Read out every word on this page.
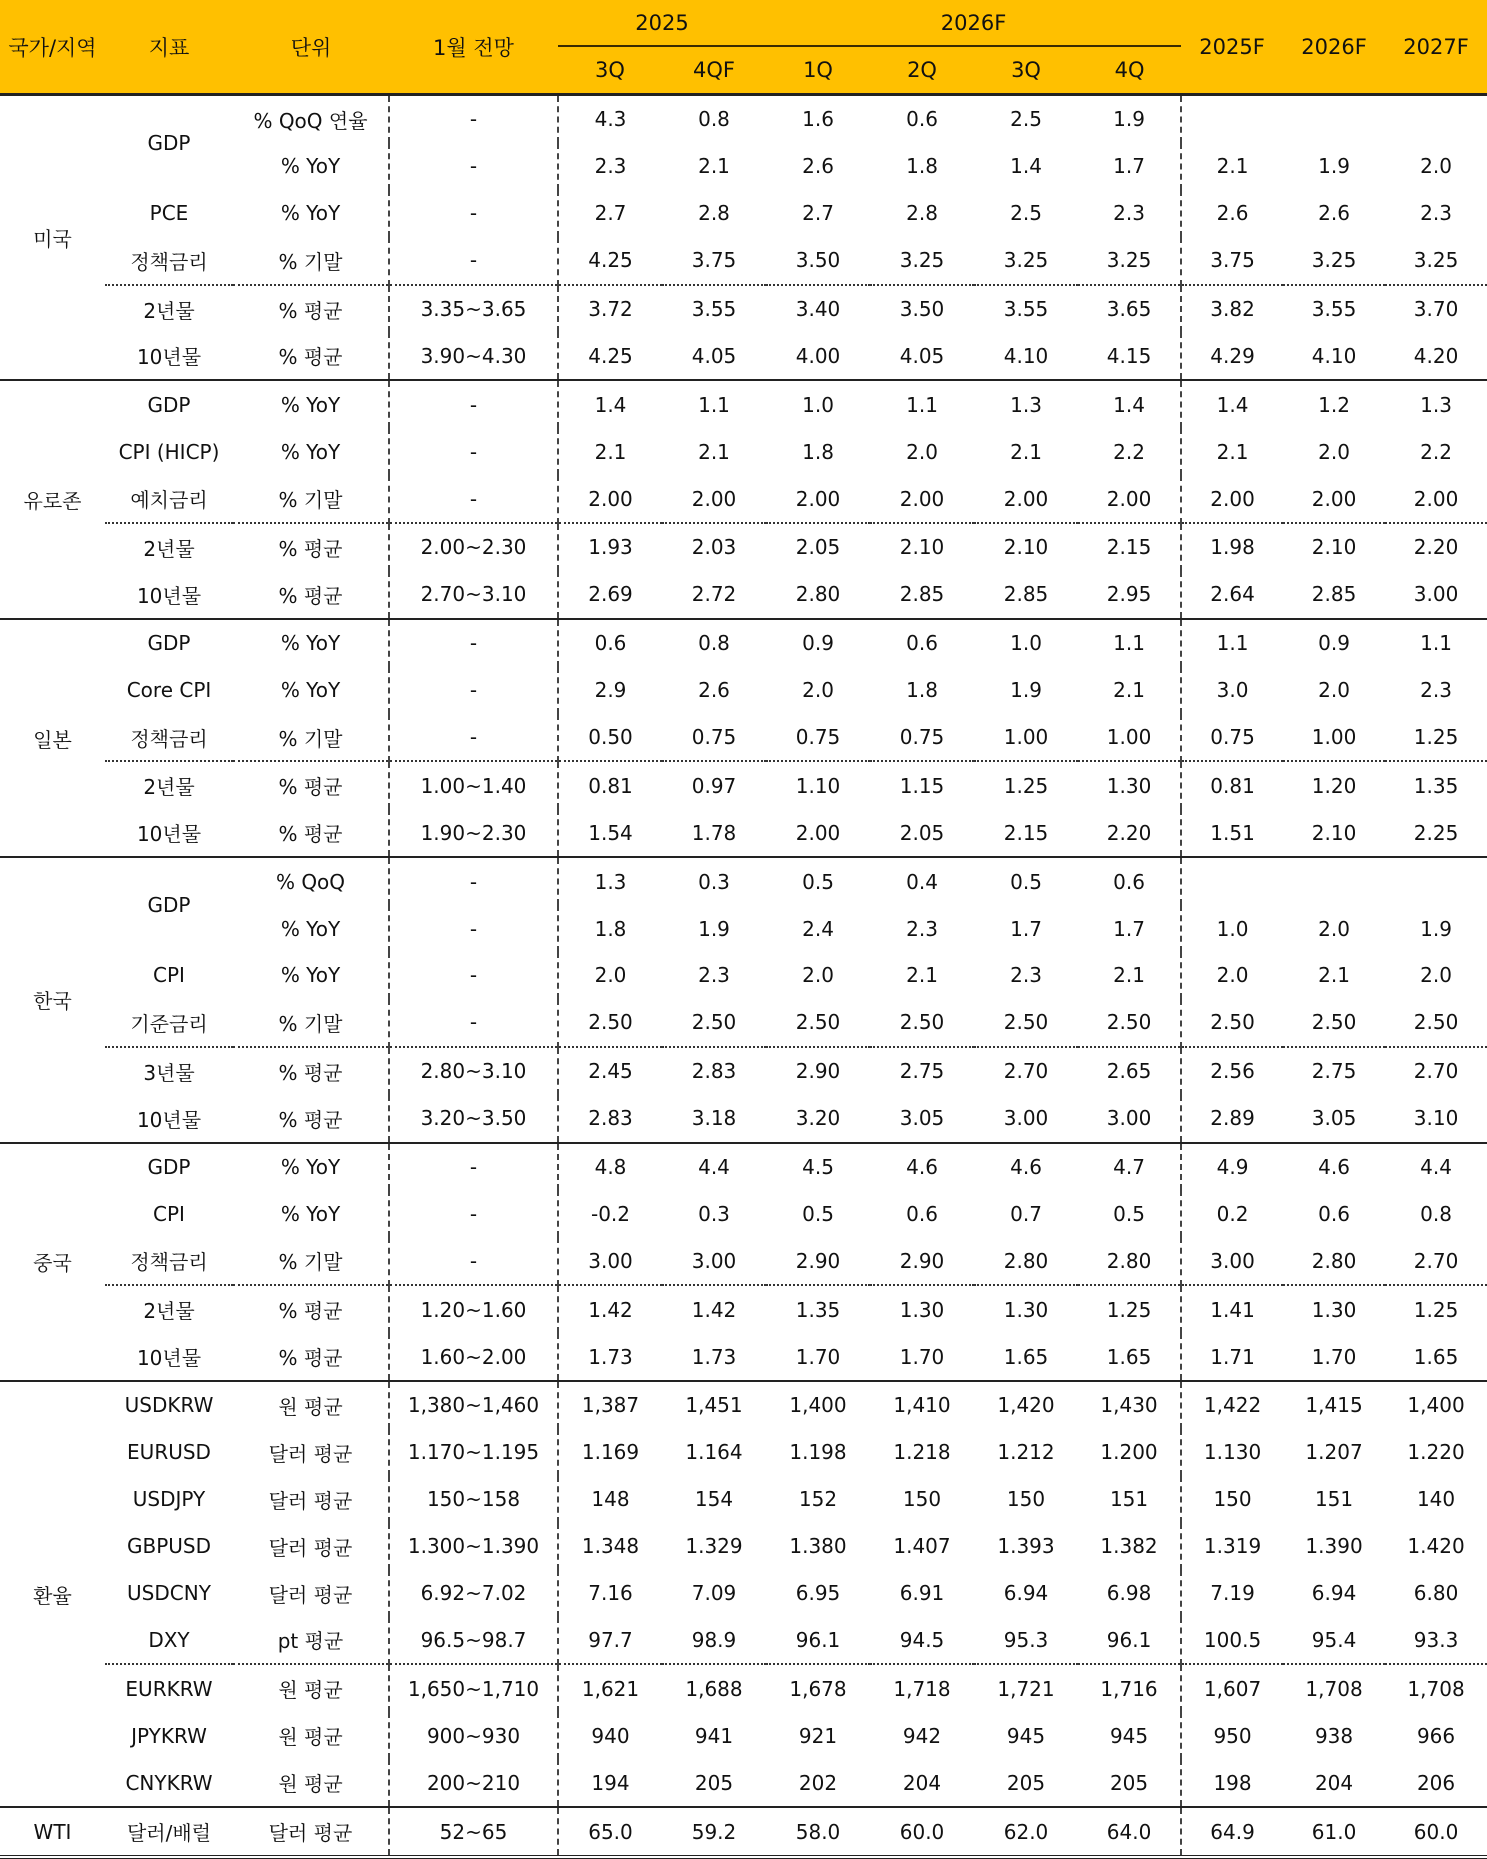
국가/지역	지표	단위	1월 전망	2025		2026F				2025F	2026F	2027F
				3Q	4QF	1Q	2Q	3Q	4Q			
미국	GDP	% QoQ 연율	-	4.3	0.8	1.6	0.6	2.5	1.9			
		% YoY	-	2.3	2.1	2.6	1.8	1.4	1.7	2.1	1.9	2.0
	PCE	% YoY	-	2.7	2.8	2.7	2.8	2.5	2.3	2.6	2.6	2.3
	정책금리	% 기말	-	4.25	3.75	3.50	3.25	3.25	3.25	3.75	3.25	3.25
	2년물	% 평균	3.35~3.65	3.72	3.55	3.40	3.50	3.55	3.65	3.82	3.55	3.70
	10년물	% 평균	3.90~4.30	4.25	4.05	4.00	4.05	4.10	4.15	4.29	4.10	4.20
유로존	GDP	% YoY	-	1.4	1.1	1.0	1.1	1.3	1.4	1.4	1.2	1.3
	CPI (HICP)	% YoY	-	2.1	2.1	1.8	2.0	2.1	2.2	2.1	2.0	2.2
	예치금리	% 기말	-	2.00	2.00	2.00	2.00	2.00	2.00	2.00	2.00	2.00
	2년물	% 평균	2.00~2.30	1.93	2.03	2.05	2.10	2.10	2.15	1.98	2.10	2.20
	10년물	% 평균	2.70~3.10	2.69	2.72	2.80	2.85	2.85	2.95	2.64	2.85	3.00
일본	GDP	% YoY	-	0.6	0.8	0.9	0.6	1.0	1.1	1.1	0.9	1.1
	Core CPI	% YoY	-	2.9	2.6	2.0	1.8	1.9	2.1	3.0	2.0	2.3
	정책금리	% 기말	-	0.50	0.75	0.75	0.75	1.00	1.00	0.75	1.00	1.25
	2년물	% 평균	1.00~1.40	0.81	0.97	1.10	1.15	1.25	1.30	0.81	1.20	1.35
	10년물	% 평균	1.90~2.30	1.54	1.78	2.00	2.05	2.15	2.20	1.51	2.10	2.25
한국	GDP	% QoQ	-	1.3	0.3	0.5	0.4	0.5	0.6			
		% YoY	-	1.8	1.9	2.4	2.3	1.7	1.7	1.0	2.0	1.9
	CPI	% YoY	-	2.0	2.3	2.0	2.1	2.3	2.1	2.0	2.1	2.0
	기준금리	% 기말	-	2.50	2.50	2.50	2.50	2.50	2.50	2.50	2.50	2.50
	3년물	% 평균	2.80~3.10	2.45	2.83	2.90	2.75	2.70	2.65	2.56	2.75	2.70
	10년물	% 평균	3.20~3.50	2.83	3.18	3.20	3.05	3.00	3.00	2.89	3.05	3.10
중국	GDP	% YoY	-	4.8	4.4	4.5	4.6	4.6	4.7	4.9	4.6	4.4
	CPI	% YoY	-	-0.2	0.3	0.5	0.6	0.7	0.5	0.2	0.6	0.8
	정책금리	% 기말	-	3.00	3.00	2.90	2.90	2.80	2.80	3.00	2.80	2.70
	2년물	% 평균	1.20~1.60	1.42	1.42	1.35	1.30	1.30	1.25	1.41	1.30	1.25
	10년물	% 평균	1.60~2.00	1.73	1.73	1.70	1.70	1.65	1.65	1.71	1.70	1.65
환율	USDKRW	원 평균	1,380~1,460	1,387	1,451	1,400	1,410	1,420	1,430	1,422	1,415	1,400
	EURUSD	달러 평균	1.170~1.195	1.169	1.164	1.198	1.218	1.212	1.200	1.130	1.207	1.220
	USDJPY	달러 평균	150~158	148	154	152	150	150	151	150	151	140
	GBPUSD	달러 평균	1.300~1.390	1.348	1.329	1.380	1.407	1.393	1.382	1.319	1.390	1.420
	USDCNY	달러 평균	6.92~7.02	7.16	7.09	6.95	6.91	6.94	6.98	7.19	6.94	6.80
	DXY	pt 평균	96.5~98.7	97.7	98.9	96.1	94.5	95.3	96.1	100.5	95.4	93.3
	EURKRW	원 평균	1,650~1,710	1,621	1,688	1,678	1,718	1,721	1,716	1,607	1,708	1,708
	JPYKRW	원 평균	900~930	940	941	921	942	945	945	950	938	966
	CNYKRW	원 평균	200~210	194	205	202	204	205	205	198	204	206
WTI	달러/배럴	달러 평균	52~65	65.0	59.2	58.0	60.0	62.0	64.0	64.9	61.0	60.0
